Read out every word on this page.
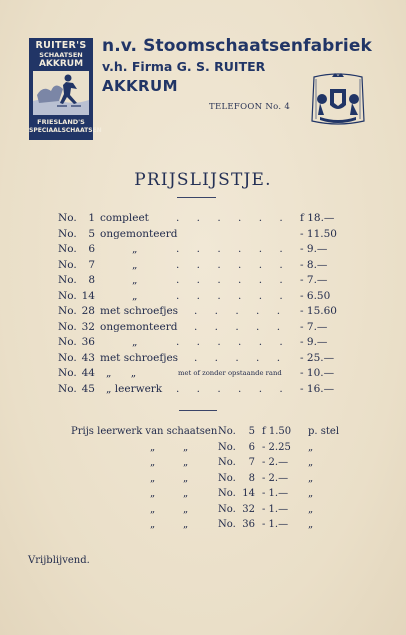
RUITER'S
SCHAATSEN
AKKRUM
FRIESLAND'S
SPECIAALSCHAATSEN
n.v. Stoomschaatsenfabriek
v.h. Firma G. S. RUITER
AKKRUM
TELEFOON No. 4
PRIJSLIJSTJE.
No.	1 compleet	. . . . . . f 18.—
No.	5 ongemonteerd	- 11.50
No.	6	„	. . . . . . - 9.—
No.	7	„	. . . . . . - 8.—
No.	8	„	. . . . . . - 7.—
No. 14	„	. . . . . . - 6.50
No. 28 met schroefjes . . . . .	- 15.60
No. 32 ongemonteerd . . . . .	- 7.—
No. 36	„	. . . . . . - 9.—
No. 43 met schroefjes . . . . .	- 25.—
No. 44 „ „	met of zonder opstaande rand - 10.—
No. 45 „ leerwerk . . . . . . - 16.—
Prijs leerwerk van schaatsen No.	5 f 1.50 p. stel
„	„	No.	6 - 2.25 „
„	„	No.	7 - 2.— „
„	„	No.	8 - 2.— „
„	„	No. 14 - 1.— „
„	„	No. 32 - 1.— „
„	„	No. 36 - 1.— „
Vrijblijvend.
